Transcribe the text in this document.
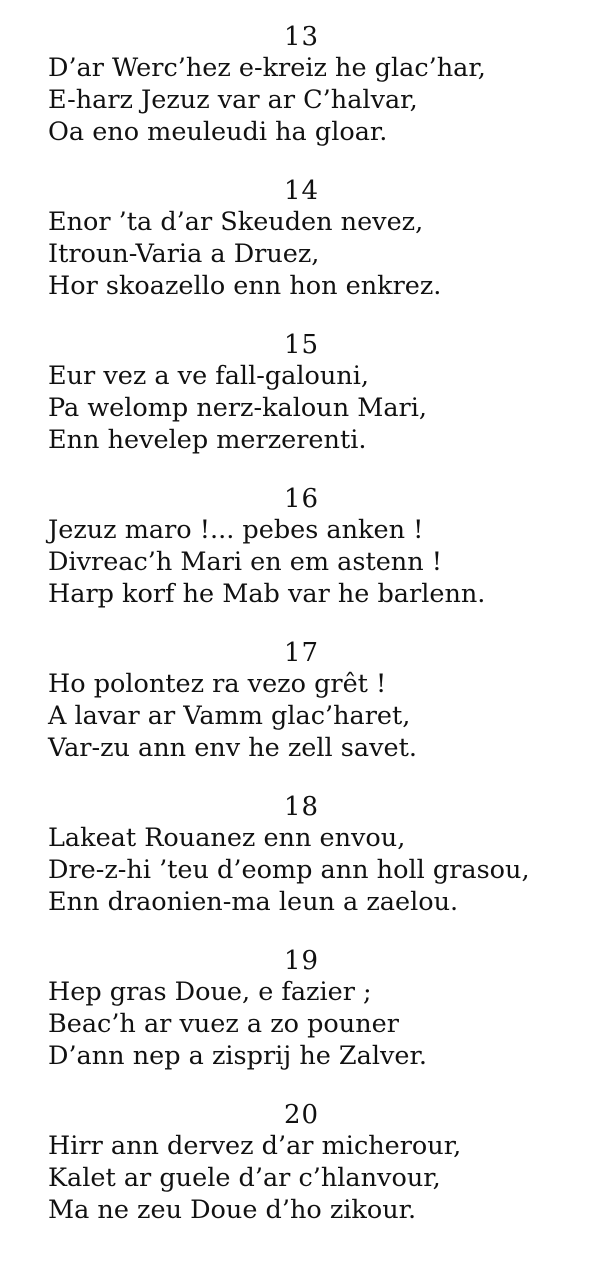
13
D’ar Werc’hez e-kreiz he glac’har,
E-harz Jezuz var ar C’halvar,
Oa eno meuleudi ha gloar.
14
Enor ’ta d’ar Skeuden nevez,
Itroun-Varia a Druez,
Hor skoazello enn hon enkrez.
15
Eur vez a ve fall-galouni,
Pa welomp nerz-kaloun Mari,
Enn hevelep merzerenti.
16
Jezuz maro !... pebes anken !
Divreac’h Mari en em astenn !
Harp korf he Mab var he barlenn.
17
Ho polontez ra vezo grêt !
A lavar ar Vamm glac’haret,
Var-zu ann env he zell savet.
18
Lakeat Rouanez enn envou,
Dre-z-hi ’teu d’eomp ann holl grasou,
Enn draonien-ma leun a zaelou.
19
Hep gras Doue, e fazier ;
Beac’h ar vuez a zo pouner
D’ann nep a zisprij he Zalver.
20
Hirr ann dervez d’ar micherour,
Kalet ar guele d’ar c’hlanvour,
Ma ne zeu Doue d’ho zikour.
